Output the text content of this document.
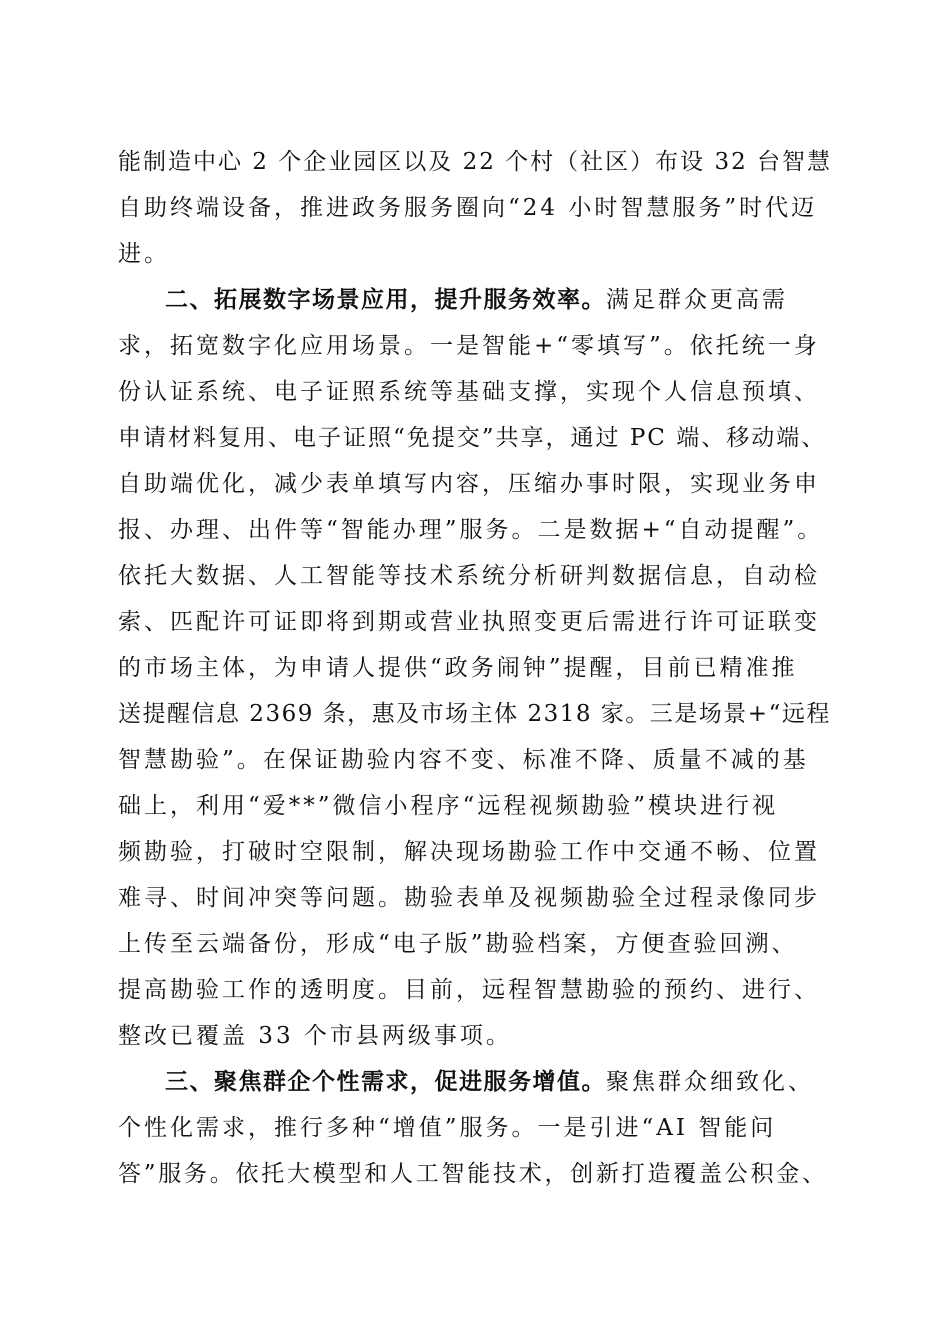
能制造中心 2 个企业园区以及 22 个村（社区）布设 32 台智慧
自助终端设备，推进政务服务圈向“24 小时智慧服务”时代迈
进。
二、拓展数字场景应用，提升服务效率。满足群众更高需
求，拓宽数字化应用场景。一是智能+“零填写”。依托统一身
份认证系统、电子证照系统等基础支撑，实现个人信息预填、
申请材料复用、电子证照“免提交”共享，通过 PC 端、移动端、
自助端优化，减少表单填写内容，压缩办事时限，实现业务申
报、办理、出件等“智能办理”服务。二是数据+“自动提醒”。
依托大数据、人工智能等技术系统分析研判数据信息，自动检
索、匹配许可证即将到期或营业执照变更后需进行许可证联变
的市场主体，为申请人提供“政务闹钟”提醒，目前已精准推
送提醒信息 2369 条，惠及市场主体 2318 家。三是场景+“远程
智慧勘验”。在保证勘验内容不变、标准不降、质量不减的基
础上，利用“爱**”微信小程序“远程视频勘验”模块进行视
频勘验，打破时空限制，解决现场勘验工作中交通不畅、位置
难寻、时间冲突等问题。勘验表单及视频勘验全过程录像同步
上传至云端备份，形成“电子版”勘验档案，方便查验回溯、
提高勘验工作的透明度。目前，远程智慧勘验的预约、进行、
整改已覆盖 33 个市县两级事项。
三、聚焦群企个性需求，促进服务增值。聚焦群众细致化、
个性化需求，推行多种“增值”服务。一是引进“AI 智能问
答”服务。依托大模型和人工智能技术，创新打造覆盖公积金、
